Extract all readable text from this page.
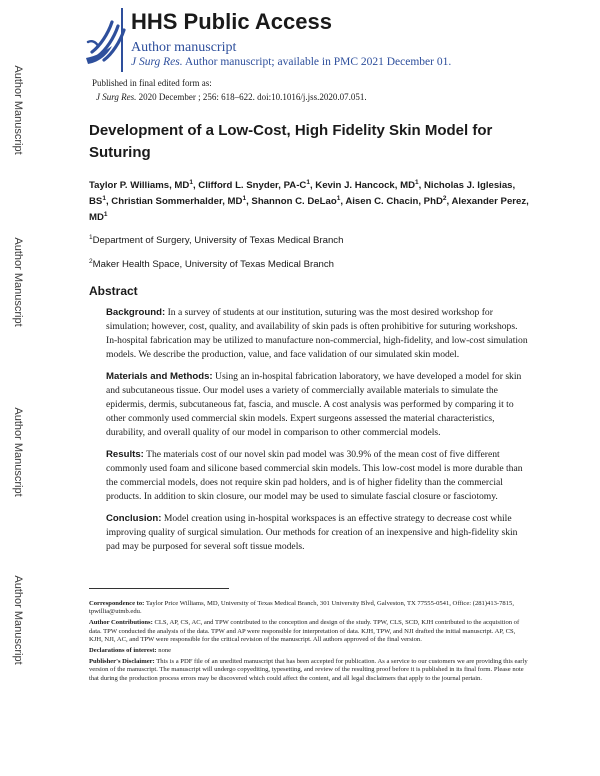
Author Manuscript
Author Manuscript
Author Manuscript
Author Manuscript
HHS Public Access
Author manuscript
J Surg Res. Author manuscript; available in PMC 2021 December 01.
Published in final edited form as:
J Surg Res. 2020 December ; 256: 618–622. doi:10.1016/j.jss.2020.07.051.
Development of a Low-Cost, High Fidelity Skin Model for Suturing

Taylor P. Williams, $MD^1$, Clifford L. Snyder, $PA-C^1$, Kevin J. Hancock, $MD^1$, Nicholas J. Iglesias, $BS^1$, Christian Sommerhalder, $MD^1$, Shannon C. DeLao$^1$, Aisen C. Chacin, PhD$^2$, Alexander Perez, $MD^1$

$^1$Department of Surgery, University of Texas Medical Branch

$^2$Maker Health Space, University of Texas Medical Branch

Abstract

Background: In a survey of students at our institution, suturing was the most desired workshop for simulation; however, cost, quality, and availability of skin pads is often prohibitive for suturing workshops. In-hospital fabrication may be utilized to manufacture non-commercial, high-fidelity, and low-cost simulation models. We describe the production, value, and face validation of our simulated skin model.

Materials and Methods: Using an in-hospital fabrication laboratory, we have developed a model for skin and subcutaneous tissue. Our model uses a variety of commercially available materials to simulate the epidermis, dermis, subcutaneous fat, fascia, and muscle. A cost analysis was performed by comparing it to other commonly used commercial skin models. Expert surgeons assessed the material characteristics, durability, and overall quality of our model in comparison to other commercial models.

Results: The materials cost of our novel skin pad model was 30.9% of the mean cost of five different commonly used foam and silicone based commercial skin models. This low-cost model is more durable than the commercial models, does not require skin pad holders, and is of higher fidelity than the commercial products. In addition to skin closure, our model may be used to simulate fascial closure or fasciotomy.

Conclusion: Model creation using in-hospital workspaces is an effective strategy to decrease cost while improving quality of surgical simulation. Our methods for creation of an inexpensive and high-fidelity skin pad may be purposed for several soft tissue models.

Correspondence to: Taylor Price Williams, MD, University of Texas Medical Branch, 301 University Blvd, Galveston, TX 77555-0541, Office: (281)413-7815, tpwillia@utmb.edu.

Author Contributions: CLS, AP, CS, AC, and TPW contributed to the conception and design of the study. TPW, CLS, SCD, KJH contributed to the acquisition of data. TPW conducted the analysis of the data. TPW and AP were responsible for interpretation of data. KJH, TPW, and NJI drafted the initial manuscript. AP, CS, KJH, NJI, AC, and TPW were responsible for the critical revision of the manuscript. All authors approved of the final version.

Declarations of interest: none

Publisher's Disclaimer: This is a PDF file of an unedited manuscript that has been accepted for publication. As a service to our customers we are providing this early version of the manuscript. The manuscript will undergo copyediting, typesetting, and review of the resulting proof before it is published in its final form. Please note that during the production process errors may be discovered which could affect the content, and all legal disclaimers that apply to the journal pertain.
